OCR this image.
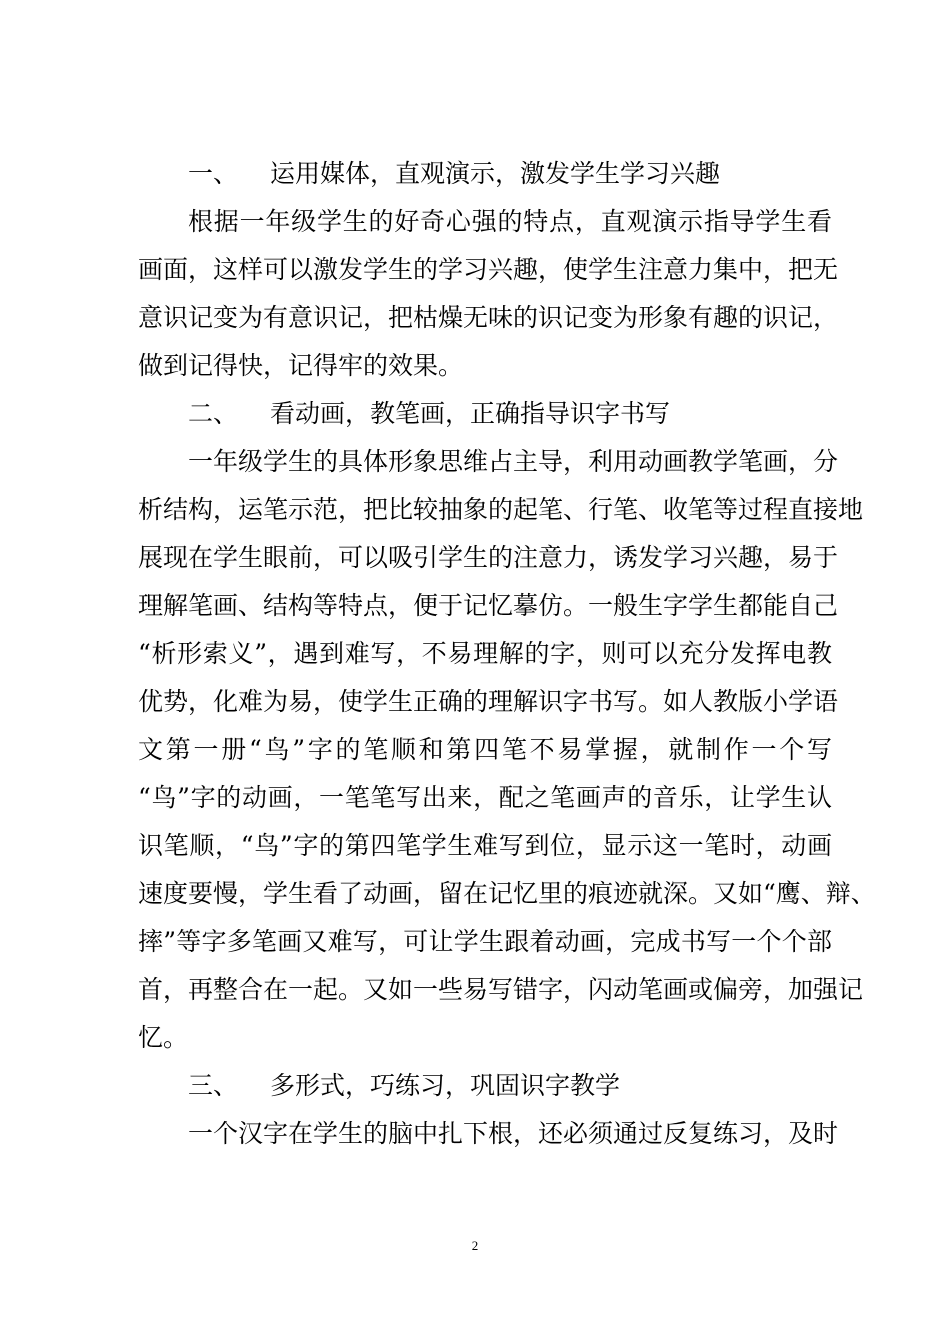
一、 运用媒体，直观演示，激发学生学习兴趣
根据一年级学生的好奇心强的特点，直观演示指导学生看
画面，这样可以激发学生的学习兴趣，使学生注意力集中，把无
意识记变为有意识记，把枯燥无味的识记变为形象有趣的识记，
做到记得快，记得牢的效果。
二、 看动画，教笔画，正确指导识字书写
一年级学生的具体形象思维占主导，利用动画教学笔画，分
析结构，运笔示范，把比较抽象的起笔、行笔、收笔等过程直接地
展现在学生眼前，可以吸引学生的注意力，诱发学习兴趣，易于
理解笔画、结构等特点，便于记忆摹仿。一般生字学生都能自己
“析形索义”，遇到难写，不易理解的字，则可以充分发挥电教
优势，化难为易，使学生正确的理解识字书写。如人教版小学语
文第一册“鸟”字的笔顺和第四笔不易掌握，就制作一个写
“鸟”字的动画，一笔笔写出来，配之笔画声的音乐，让学生认
识笔顺，“鸟”字的第四笔学生难写到位，显示这一笔时，动画
速度要慢，学生看了动画，留在记忆里的痕迹就深。又如“鹰、辩、
摔”等字多笔画又难写，可让学生跟着动画，完成书写一个个部
首，再整合在一起。又如一些易写错字，闪动笔画或偏旁，加强记
忆。
三、 多形式，巧练习，巩固识字教学
一个汉字在学生的脑中扎下根，还必须通过反复练习，及时
2
